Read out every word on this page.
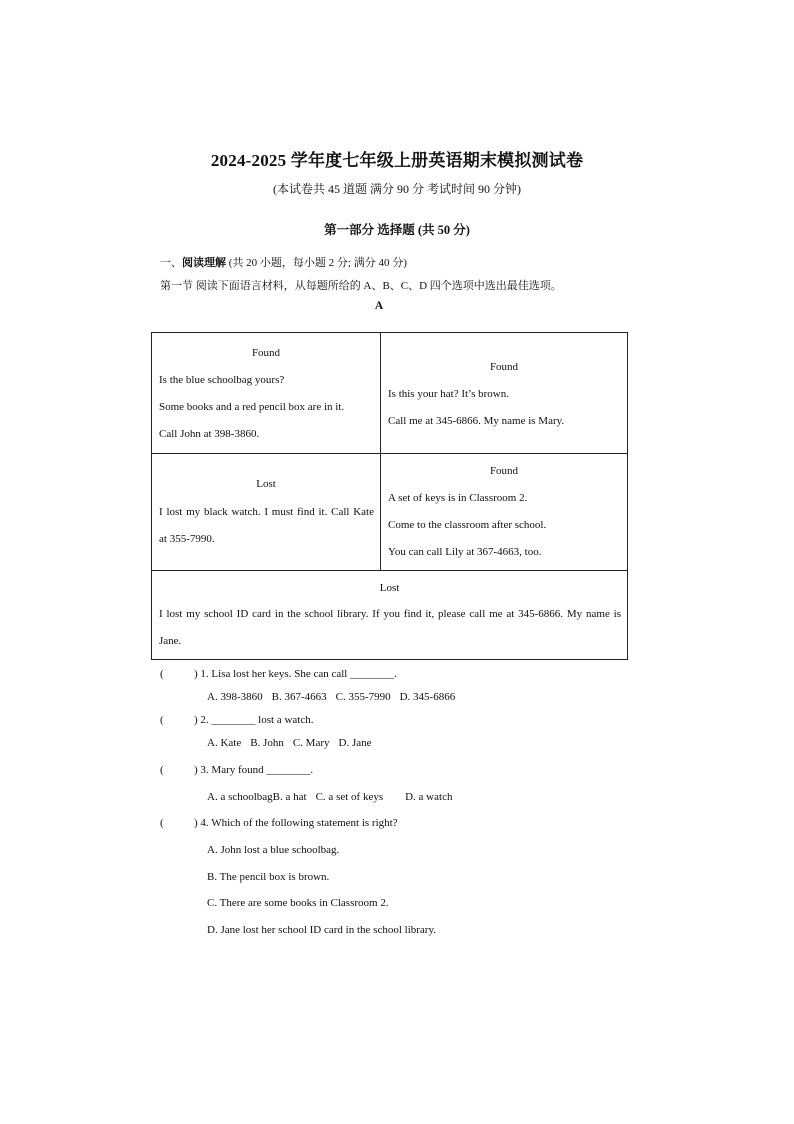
2024-2025 学年度七年级上册英语期末模拟测试卷
(本试卷共 45 道题 满分 90 分 考试时间 90 分钟)
第一部分 选择题 (共 50 分)
一、阅读理解 (共 20 小题，每小题 2 分; 满分 40 分)
第一节 阅读下面语言材料，从每题所给的 A、B、C、D 四个选项中选出最佳选项。
A
Found
Is the blue schoolbag yours?
Some books and a red pencil box are in it.
Call John at 398-3860.
Found
Is this your hat? It’s brown.
Call me at 345-6866. My name is Mary.
Lost
I lost my black watch. I must find it. Call Kate at 355-7990.
Found
A set of keys is in Classroom 2.
Come to the classroom after school.
You can call Lily at 367-4663, too.
Lost
I lost my school ID card in the school library. If you find it, please call me at 345-6866. My name is Jane.
(	) 1. Lisa lost her keys. She can call ________.
A. 398-3860 B. 367-4663 C. 355-7990 D. 345-6866
(	) 2. ________ lost a watch.
A. Kate B. John C. Mary D. Jane
(	) 3. Mary found ________.
A. a schoolbagB. a hat C. a set of keys D. a watch
(	) 4. Which of the following statement is right?
A. John lost a blue schoolbag.
B. The pencil box is brown.
C. There are some books in Classroom 2.
D. Jane lost her school ID card in the school library.
